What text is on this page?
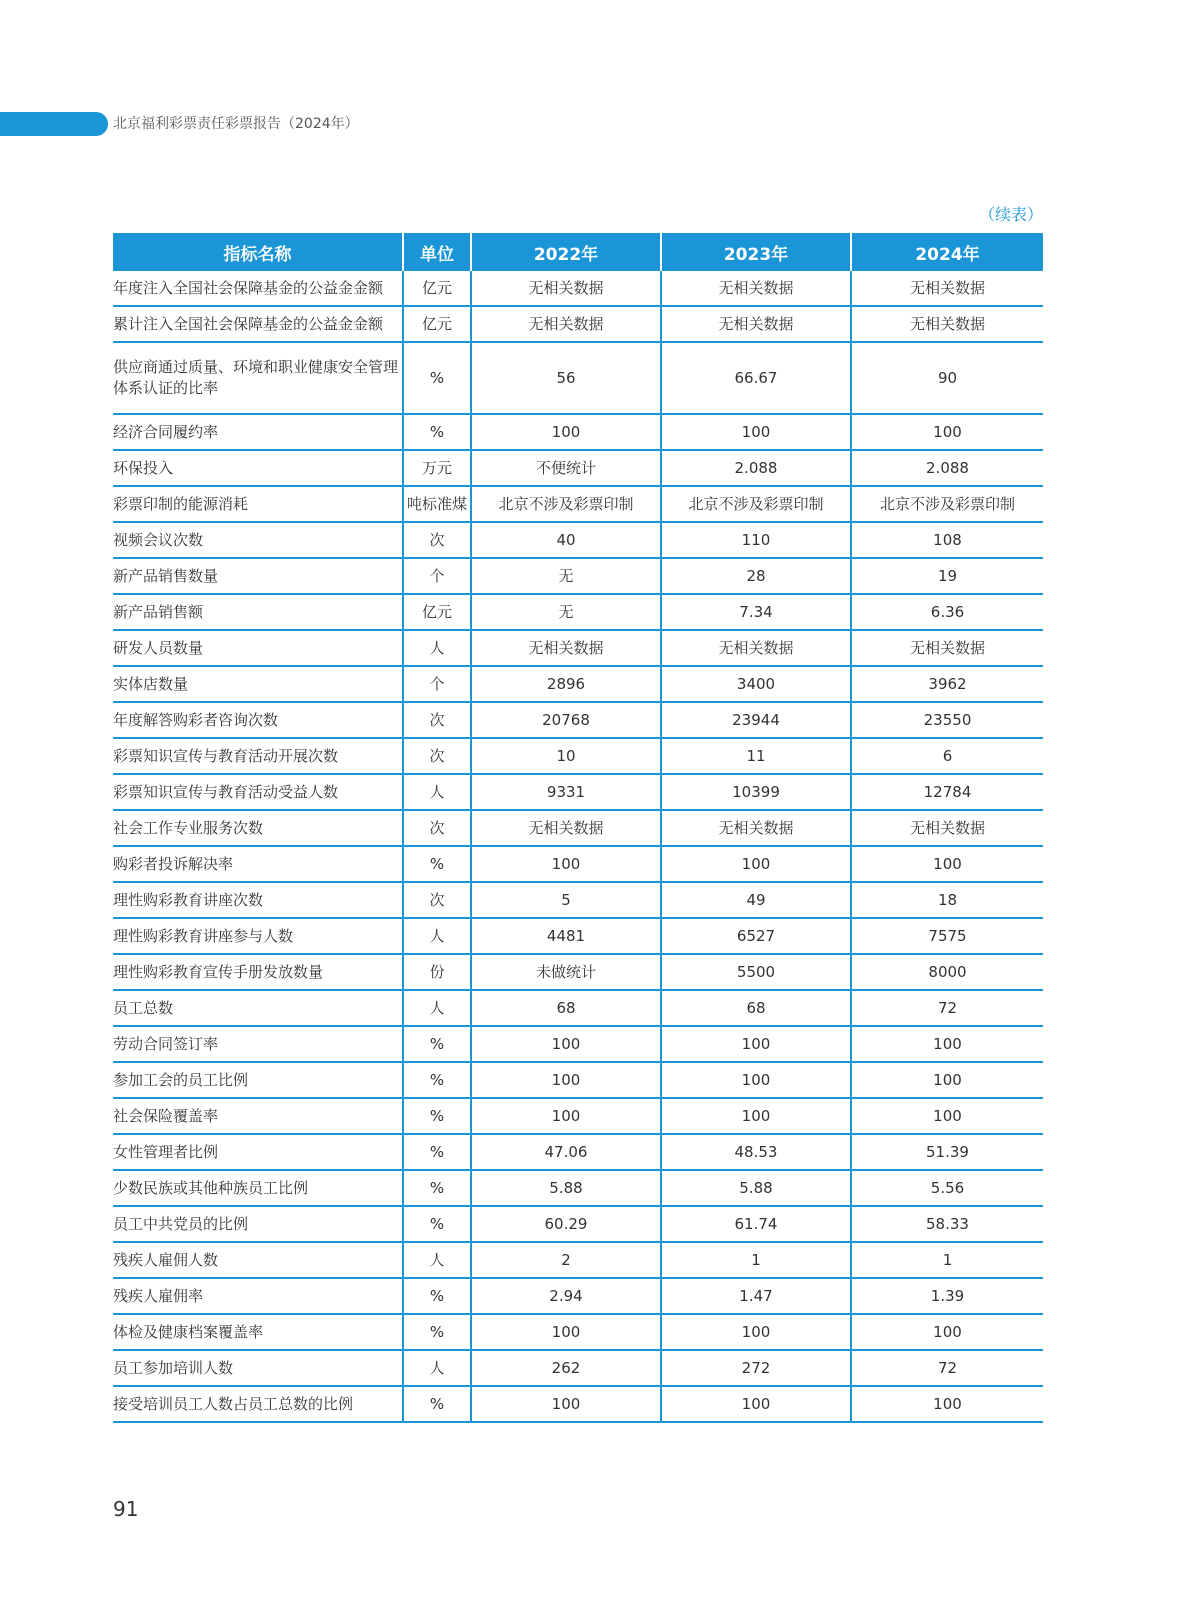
北京福利彩票责任彩票报告（2024年）
（续表）
指标名称	单位	2022年	2023年	2024年
年度注入全国社会保障基金的公益金金额	亿元	无相关数据	无相关数据	无相关数据
累计注入全国社会保障基金的公益金金额	亿元	无相关数据	无相关数据	无相关数据
供应商通过质量、环境和职业健康安全管理体系认证的比率	%	56	66.67	90
经济合同履约率	%	100	100	100
环保投入	万元	不便统计	2.088	2.088
彩票印制的能源消耗	吨标准煤	北京不涉及彩票印制	北京不涉及彩票印制	北京不涉及彩票印制
视频会议次数	次	40	110	108
新产品销售数量	个	无	28	19
新产品销售额	亿元	无	7.34	6.36
研发人员数量	人	无相关数据	无相关数据	无相关数据
实体店数量	个	2896	3400	3962
年度解答购彩者咨询次数	次	20768	23944	23550
彩票知识宣传与教育活动开展次数	次	10	11	6
彩票知识宣传与教育活动受益人数	人	9331	10399	12784
社会工作专业服务次数	次	无相关数据	无相关数据	无相关数据
购彩者投诉解决率	%	100	100	100
理性购彩教育讲座次数	次	5	49	18
理性购彩教育讲座参与人数	人	4481	6527	7575
理性购彩教育宣传手册发放数量	份	未做统计	5500	8000
员工总数	人	68	68	72
劳动合同签订率	%	100	100	100
参加工会的员工比例	%	100	100	100
社会保险覆盖率	%	100	100	100
女性管理者比例	%	47.06	48.53	51.39
少数民族或其他种族员工比例	%	5.88	5.88	5.56
员工中共党员的比例	%	60.29	61.74	58.33
残疾人雇佣人数	人	2	1	1
残疾人雇佣率	%	2.94	1.47	1.39
体检及健康档案覆盖率	%	100	100	100
员工参加培训人数	人	262	272	72
接受培训员工人数占员工总数的比例	%	100	100	100
91
